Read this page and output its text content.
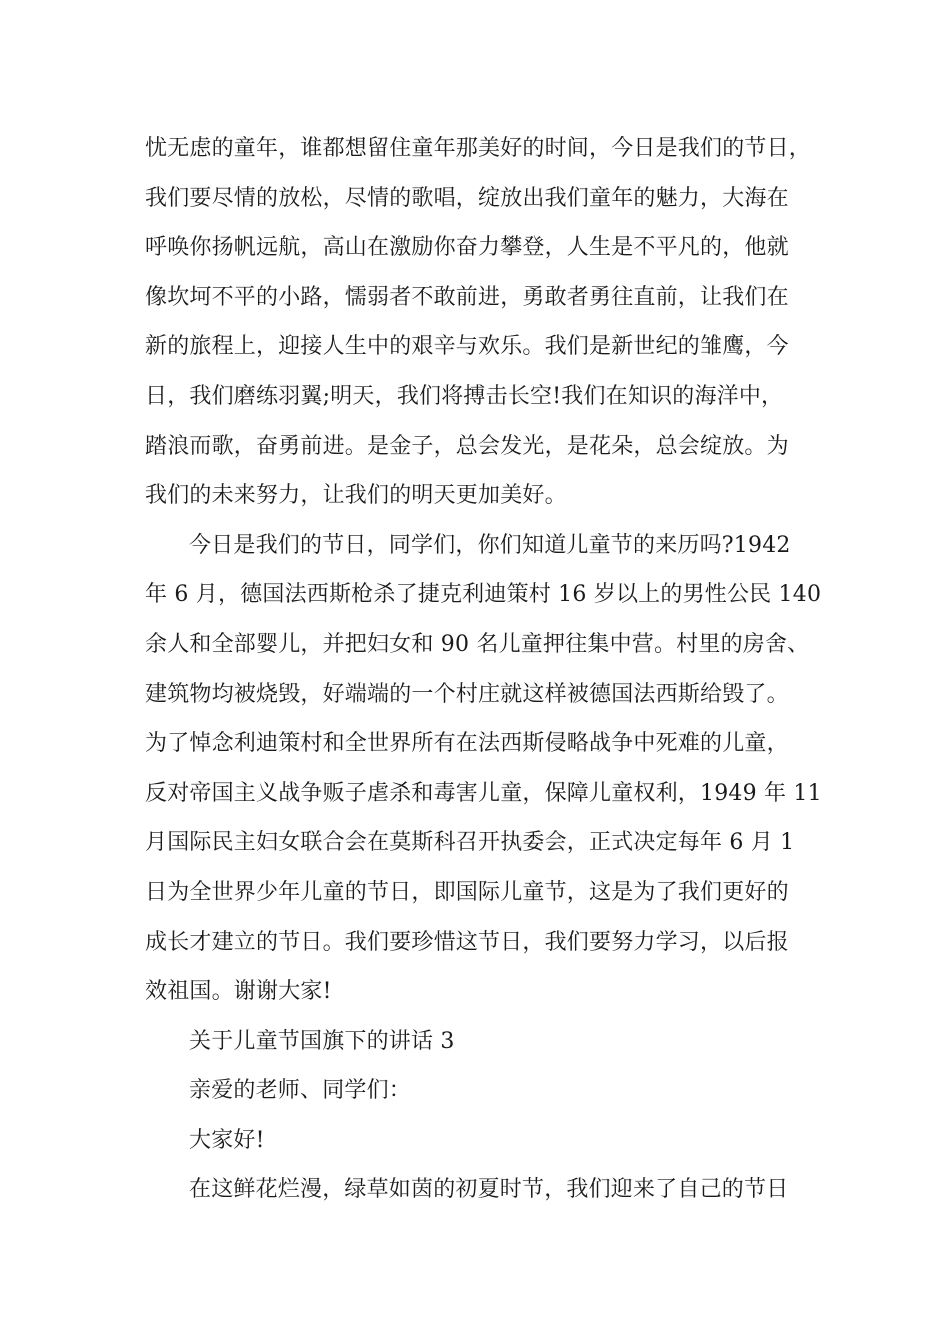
忧无虑的童年，谁都想留住童年那美好的时间，今日是我们的节日，
我们要尽情的放松，尽情的歌唱，绽放出我们童年的魅力，大海在
呼唤你扬帆远航，高山在激励你奋力攀登，人生是不平凡的，他就
像坎坷不平的小路，懦弱者不敢前进，勇敢者勇往直前，让我们在
新的旅程上，迎接人生中的艰辛与欢乐。我们是新世纪的雏鹰，今
日，我们磨练羽翼;明天，我们将搏击长空!我们在知识的海洋中，
踏浪而歌，奋勇前进。是金子，总会发光，是花朵，总会绽放。为
我们的未来努力，让我们的明天更加美好。
今日是我们的节日，同学们，你们知道儿童节的来历吗?1942
年 6 月，德国法西斯枪杀了捷克利迪策村 16 岁以上的男性公民 140
余人和全部婴儿，并把妇女和 90 名儿童押往集中营。村里的房舍、
建筑物均被烧毁，好端端的一个村庄就这样被德国法西斯给毁了。
为了悼念利迪策村和全世界所有在法西斯侵略战争中死难的儿童，
反对帝国主义战争贩子虐杀和毒害儿童，保障儿童权利，1949 年 11
月国际民主妇女联合会在莫斯科召开执委会，正式决定每年 6 月 1
日为全世界少年儿童的节日，即国际儿童节，这是为了我们更好的
成长才建立的节日。我们要珍惜这节日，我们要努力学习，以后报
效祖国。谢谢大家!
关于儿童节国旗下的讲话 3
亲爱的老师、同学们：
大家好!
在这鲜花烂漫，绿草如茵的初夏时节，我们迎来了自己的节日
